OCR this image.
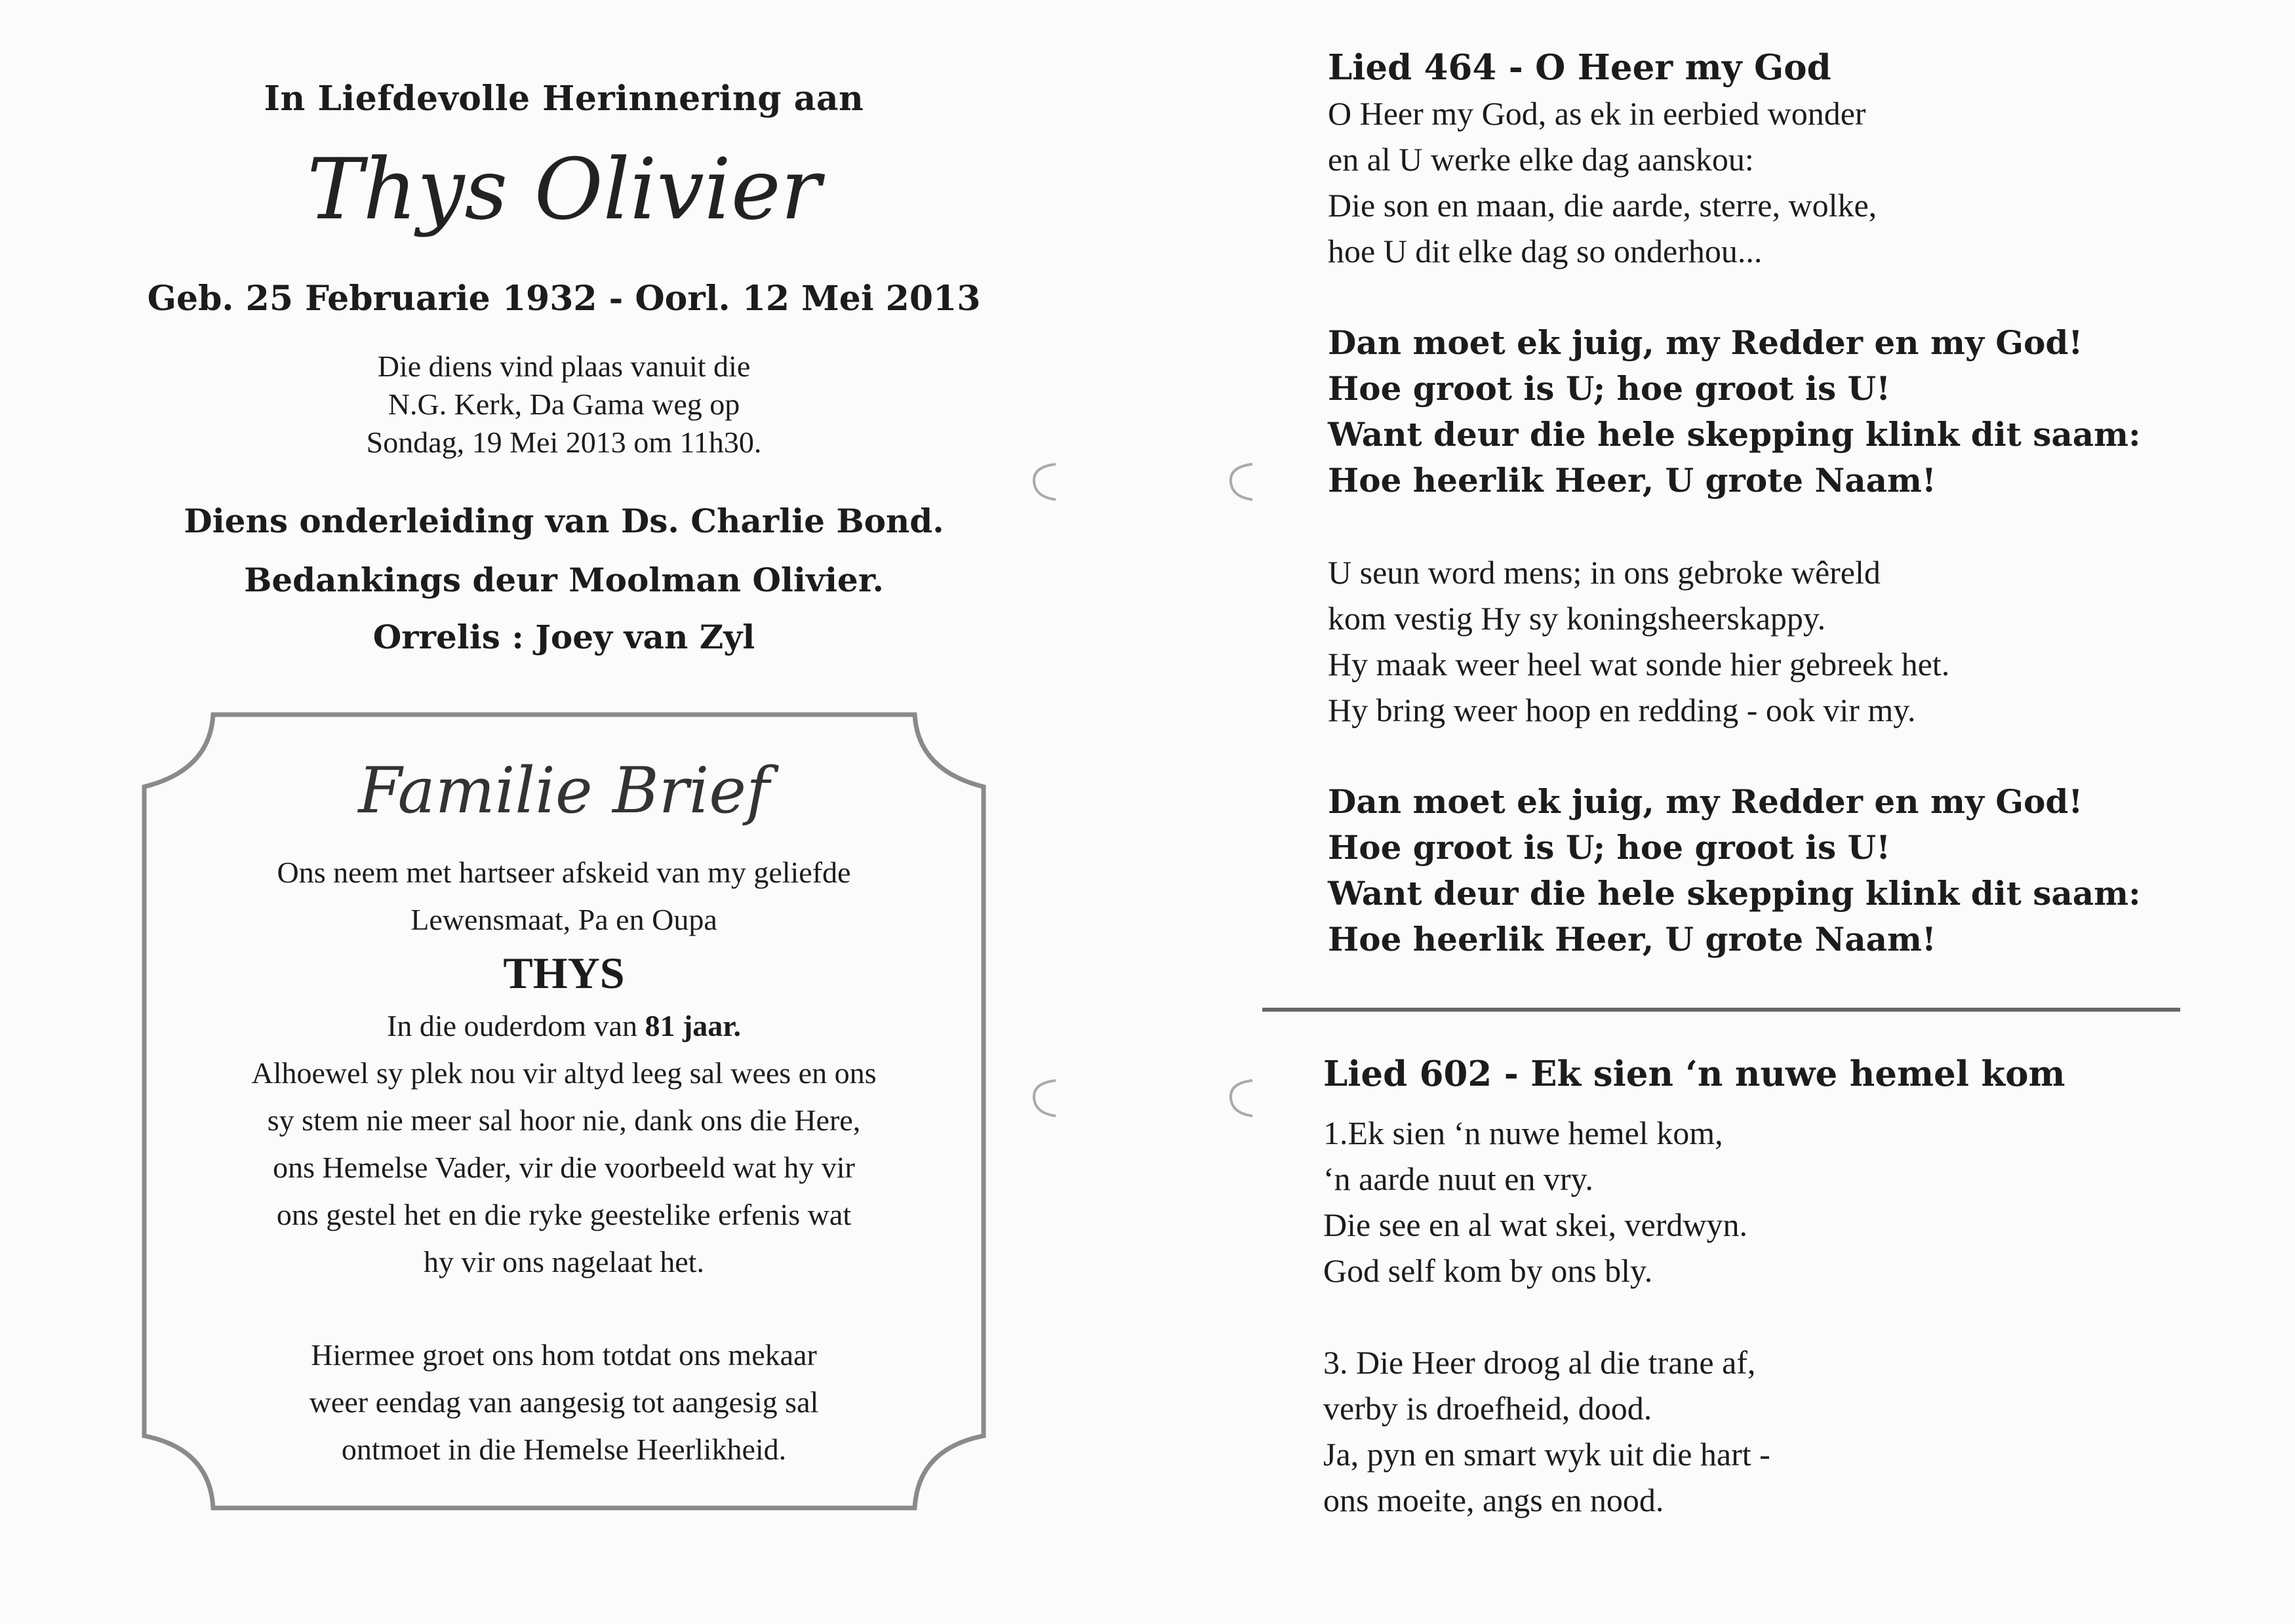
In Liefdevolle Herinnering aan
Thys Olivier
Geb. 25 Februarie 1932 - Oorl. 12 Mei 2013
Die diens vind plaas vanuit die
N.G. Kerk, Da Gama weg op
Sondag, 19 Mei 2013 om 11h30.
Diens onderleiding van Ds. Charlie Bond.
Bedankings deur Moolman Olivier.
Orrelis : Joey van Zyl
Familie Brief
Ons neem met hartseer afskeid van my geliefde
Lewensmaat, Pa en Oupa
THYS
In die ouderdom van 81 jaar.
Alhoewel sy plek nou vir altyd leeg sal wees en ons
sy stem nie meer sal hoor nie, dank ons die Here,
ons Hemelse Vader, vir die voorbeeld wat hy vir
ons gestel het en die ryke geestelike erfenis wat
hy vir ons nagelaat het.
Hiermee groet ons hom totdat ons mekaar
weer eendag van aangesig tot aangesig sal
ontmoet in die Hemelse Heerlikheid.
Lied 464 - O Heer my God
O Heer my God, as ek in eerbied wonder
en al U werke elke dag aanskou:
Die son en maan, die aarde, sterre, wolke,
hoe U dit elke dag so onderhou...
Dan moet ek juig, my Redder en my God!
Hoe groot is U; hoe groot is U!
Want deur die hele skepping klink dit saam:
Hoe heerlik Heer, U grote Naam!
U seun word mens; in ons gebroke wêreld
kom vestig Hy sy koningsheerskappy.
Hy maak weer heel wat sonde hier gebreek het.
Hy bring weer hoop en redding - ook vir my.
Dan moet ek juig, my Redder en my God!
Hoe groot is U; hoe groot is U!
Want deur die hele skepping klink dit saam:
Hoe heerlik Heer, U grote Naam!
Lied 602 - Ek sien ‘n nuwe hemel kom
1.Ek sien ‘n nuwe hemel kom,
‘n aarde nuut en vry.
Die see en al wat skei, verdwyn.
God self kom by ons bly.
3. Die Heer droog al die trane af,
verby is droefheid, dood.
Ja, pyn en smart wyk uit die hart -
ons moeite, angs en nood.
